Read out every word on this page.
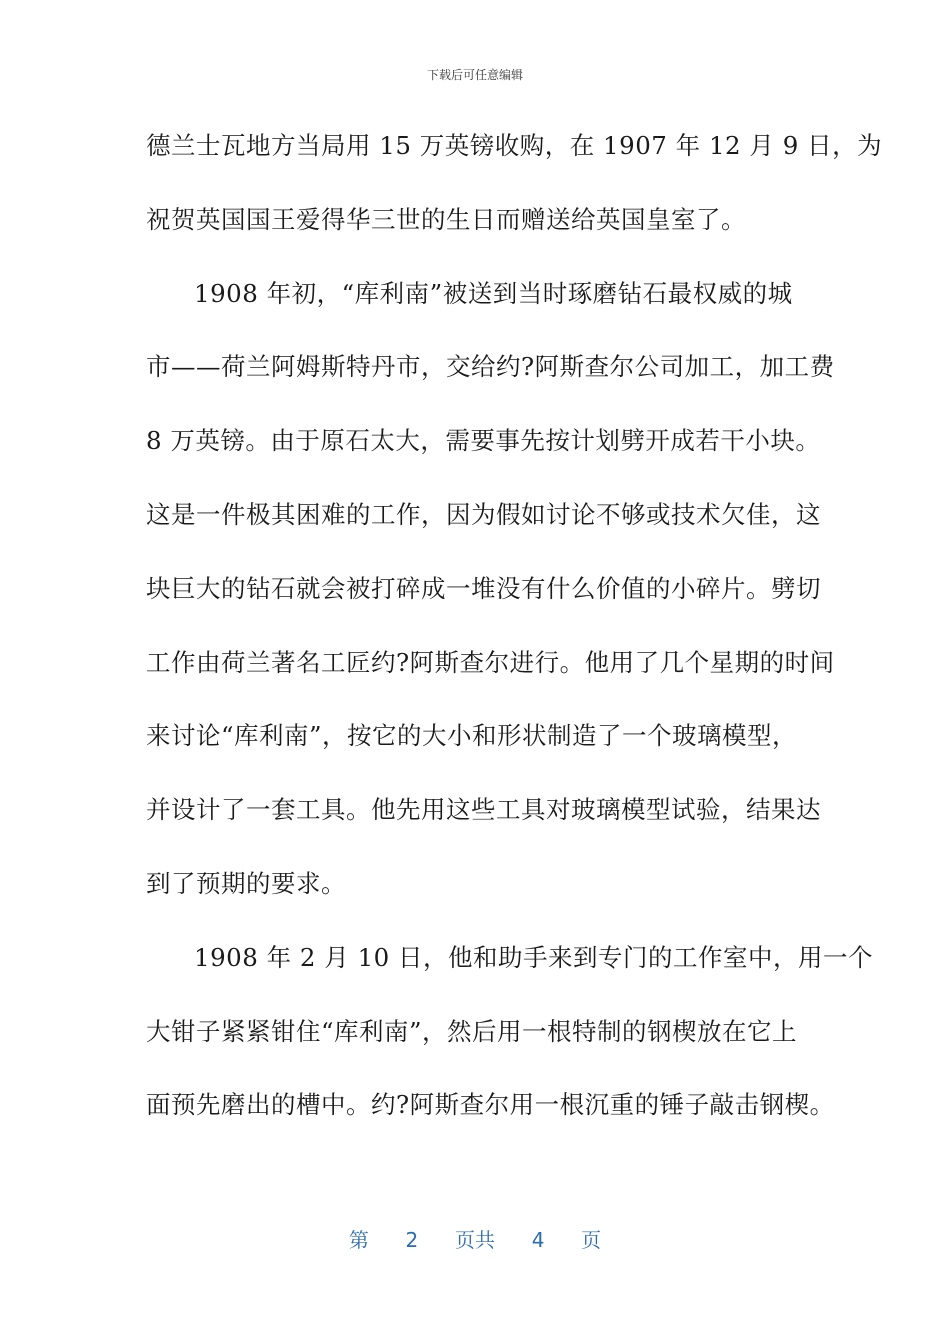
下载后可任意编辑
德兰士瓦地方当局用 15 万英镑收购，在 1907 年 12 月 9 日，为
祝贺英国国王爱得华三世的生日而赠送给英国皇室了。
1908 年初，“库利南”被送到当时琢磨钻石最权威的城
市——荷兰阿姆斯特丹市，交给约?阿斯查尔公司加工，加工费
8 万英镑。由于原石太大，需要事先按计划劈开成若干小块。
这是一件极其困难的工作，因为假如讨论不够或技术欠佳，这
块巨大的钻石就会被打碎成一堆没有什么价值的小碎片。劈切
工作由荷兰著名工匠约?阿斯查尔进行。他用了几个星期的时间
来讨论“库利南”，按它的大小和形状制造了一个玻璃模型，
并设计了一套工具。他先用这些工具对玻璃模型试验，结果达
到了预期的要求。
1908 年 2 月 10 日，他和助手来到专门的工作室中，用一个
大钳子紧紧钳住“库利南”，然后用一根特制的钢楔放在它上
面预先磨出的槽中。约?阿斯查尔用一根沉重的锤子敲击钢楔。
第 2 页共 4 页
